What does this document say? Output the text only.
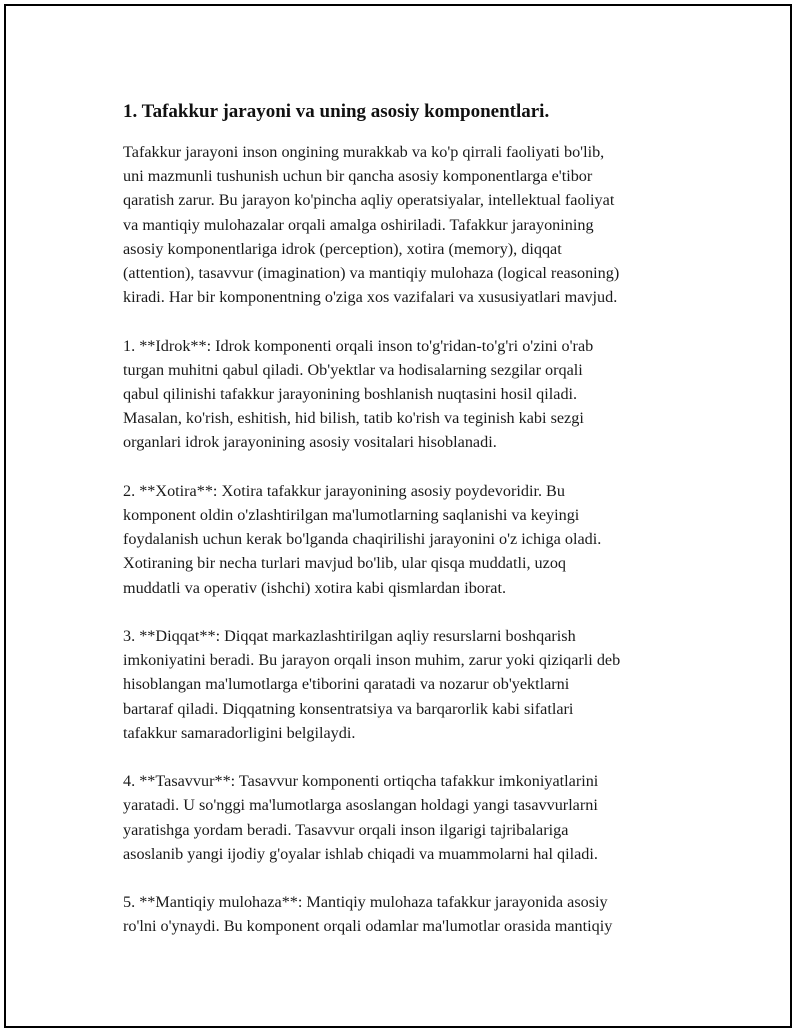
1. Tafakkur jarayoni va uning asosiy komponentlari.

Tafakkur jarayoni inson ongining murakkab va ko'p qirrali faoliyati bo'lib,
uni mazmunli tushunish uchun bir qancha asosiy komponentlarga e'tibor
qaratish zarur. Bu jarayon ko'pincha aqliy operatsiyalar, intellektual faoliyat
va mantiqiy mulohazalar orqali amalga oshiriladi. Tafakkur jarayonining
asosiy komponentlariga idrok (perception), xotira (memory), diqqat
(attention), tasavvur (imagination) va mantiqiy mulohaza (logical reasoning)
kiradi. Har bir komponentning o'ziga xos vazifalari va xususiyatlari mavjud.

1. **Idrok**: Idrok komponenti orqali inson to'g'ridan-to'g'ri o'zini o'rab
turgan muhitni qabul qiladi. Ob'yektlar va hodisalarning sezgilar orqali
qabul qilinishi tafakkur jarayonining boshlanish nuqtasini hosil qiladi.
Masalan, ko'rish, eshitish, hid bilish, tatib ko'rish va teginish kabi sezgi
organlari idrok jarayonining asosiy vositalari hisoblanadi.

2. **Xotira**: Xotira tafakkur jarayonining asosiy poydevoridir. Bu
komponent oldin o'zlashtirilgan ma'lumotlarning saqlanishi va keyingi
foydalanish uchun kerak bo'lganda chaqirilishi jarayonini o'z ichiga oladi.
Xotiraning bir necha turlari mavjud bo'lib, ular qisqa muddatli, uzoq
muddatli va operativ (ishchi) xotira kabi qismlardan iborat.

3. **Diqqat**: Diqqat markazlashtirilgan aqliy resurslarni boshqarish
imkoniyatini beradi. Bu jarayon orqali inson muhim, zarur yoki qiziqarli deb
hisoblangan ma'lumotlarga e'tiborini qaratadi va nozarur ob'yektlarni
bartaraf qiladi. Diqqatning konsentratsiya va barqarorlik kabi sifatlari
tafakkur samaradorligini belgilaydi.

4. **Tasavvur**: Tasavvur komponenti ortiqcha tafakkur imkoniyatlarini
yaratadi. U so'nggi ma'lumotlarga asoslangan holdagi yangi tasavvurlarni
yaratishga yordam beradi. Tasavvur orqali inson ilgarigi tajribalariga
asoslanib yangi ijodiy g'oyalar ishlab chiqadi va muammolarni hal qiladi.

5. **Mantiqiy mulohaza**: Mantiqiy mulohaza tafakkur jarayonida asosiy
ro'lni o'ynaydi. Bu komponent orqali odamlar ma'lumotlar orasida mantiqiy
